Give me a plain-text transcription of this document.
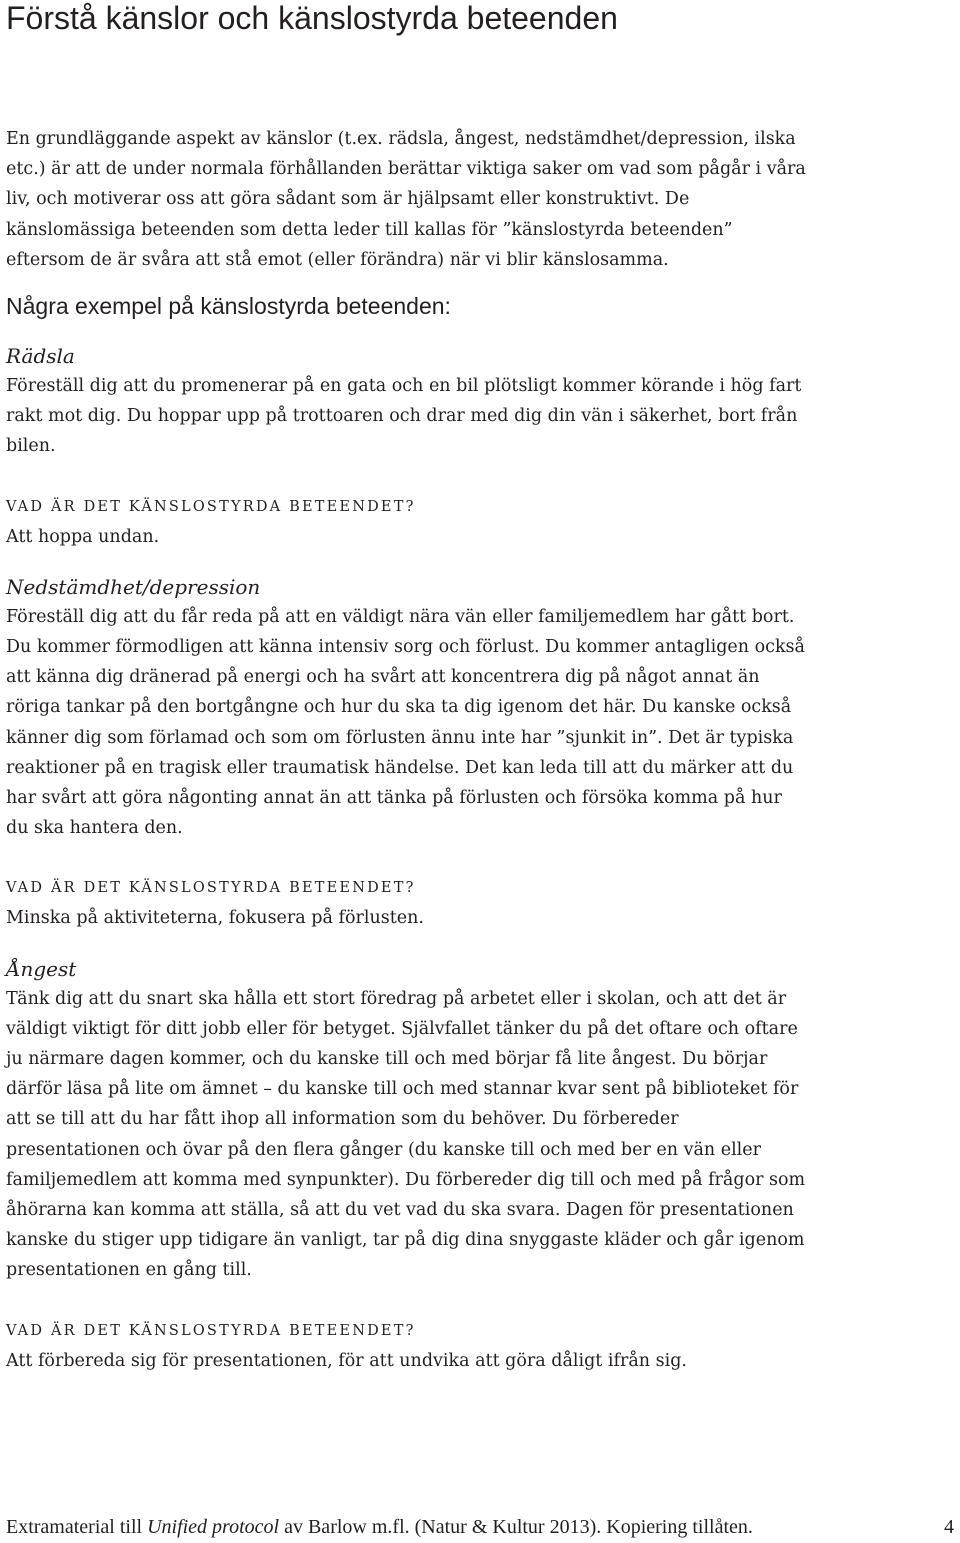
Förstå känslor och känslostyrda beteenden

En grundläggande aspekt av känslor (t.ex. rädsla, ångest, nedstämdhet/depression, ilska etc.) är att de under normala förhållanden berättar viktiga saker om vad som pågår i våra liv, och motiverar oss att göra sådant som är hjälpsamt eller konstruktivt. De känslomässiga beteenden som detta leder till kallas för ”känslostyrda beteenden” eftersom de är svåra att stå emot (eller förändra) när vi blir känslosamma.

Några exempel på känslostyrda beteenden:

Rädsla

Föreställ dig att du promenerar på en gata och en bil plötsligt kommer körande i hög fart rakt mot dig. Du hoppar upp på trottoaren och drar med dig din vän i säkerhet, bort från bilen.

VAD ÄR DET KÄNSLOSTYRDA BETEENDET?

Att hoppa undan.

Nedstämdhet/depression

Föreställ dig att du får reda på att en väldigt nära vän eller familjemedlem har gått bort. Du kommer förmodligen att känna intensiv sorg och förlust. Du kommer antagligen också att känna dig dränerad på energi och ha svårt att koncentrera dig på något annat än röriga tankar på den bortgångne och hur du ska ta dig igenom det här. Du kanske också känner dig som förlamad och som om förlusten ännu inte har ”sjunkit in”. Det är typiska reaktioner på en tragisk eller traumatisk händelse. Det kan leda till att du märker att du har svårt att göra någonting annat än att tänka på förlusten och försöka komma på hur du ska hantera den.

VAD ÄR DET KÄNSLOSTYRDA BETEENDET?

Minska på aktiviteterna, fokusera på förlusten.

Ångest

Tänk dig att du snart ska hålla ett stort föredrag på arbetet eller i skolan, och att det är väldigt viktigt för ditt jobb eller för betyget. Självfallet tänker du på det oftare och oftare ju närmare dagen kommer, och du kanske till och med börjar få lite ångest. Du börjar därför läsa på lite om ämnet – du kanske till och med stannar kvar sent på biblioteket för att se till att du har fått ihop all information som du behöver. Du förbereder presentationen och övar på den flera gånger (du kanske till och med ber en vän eller familjemedlem att komma med synpunkter). Du förbereder dig till och med på frågor som åhörarna kan komma att ställa, så att du vet vad du ska svara. Dagen för presentationen kanske du stiger upp tidigare än vanligt, tar på dig dina snyggaste kläder och går igenom presentationen en gång till.

VAD ÄR DET KÄNSLOSTYRDA BETEENDET?

Att förbereda sig för presentationen, för att undvika att göra dåligt ifrån sig.

Extramaterial till Unified protocol av Barlow m.fl. (Natur & Kultur 2013). Kopiering tillåten.	4
